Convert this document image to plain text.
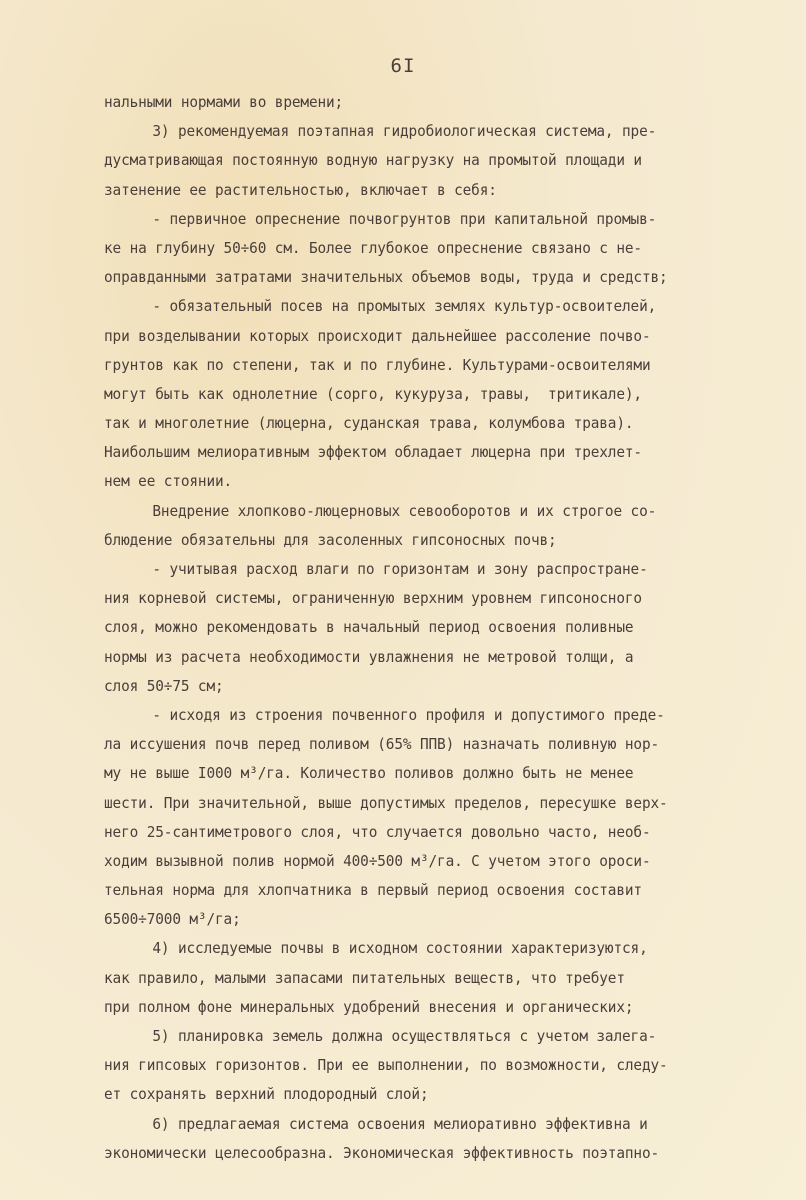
6I
нальными нормами во времени;
3) рекомендуемая поэтапная гидробиологическая система, пре-
дусматривающая постоянную водную нагрузку на промытой площади и
затенение ее растительностью, включает в себя:
- первичное опреснение почвогрунтов при капитальной промыв-
ке на глубину 50÷60 см. Более глубокое опреснение связано с не-
оправданными затратами значительных объемов воды, труда и средств;
- обязательный посев на промытых землях культур-освоителей,
при возделывании которых происходит дальнейшее рассоление почво-
грунтов как по степени, так и по глубине. Культурами-освоителями
могут быть как однолетние (сорго, кукуруза, травы,  тритикале),
так и многолетние (люцерна, суданская трава, колумбова трава).
Наибольшим мелиоративным эффектом обладает люцерна при трехлет-
нем ее стоянии.
Внедрение хлопково-люцерновых севооборотов и их строгое со-
блюдение обязательны для засоленных гипсоносных почв;
- учитывая расход влаги по горизонтам и зону распростране-
ния корневой системы, ограниченную верхним уровнем гипсоносного
слоя, можно рекомендовать в начальный период освоения поливные
нормы из расчета необходимости увлажнения не метровой толщи, а
слоя 50÷75 см;
- исходя из строения почвенного профиля и допустимого преде-
ла иссушения почв перед поливом (65% ППВ) назначать поливную нор-
му не выше I000 м³/га. Количество поливов должно быть не менее
шести. При значительной, выше допустимых пределов, пересушке верх-
него 25-сантиметрового слоя, что случается довольно часто, необ-
ходим вызывной полив нормой 400÷500 м³/га. С учетом этого ороси-
тельная норма для хлопчатника в первый период освоения составит
6500÷7000 м³/га;
4) исследуемые почвы в исходном состоянии характеризуются,
как правило, малыми запасами питательных веществ, что требует
при полном фоне минеральных удобрений внесения и органических;
5) планировка земель должна осуществляться с учетом залега-
ния гипсовых горизонтов. При ее выполнении, по возможности, следу-
ет сохранять верхний плодородный слой;
6) предлагаемая система освоения мелиоративно эффективна и
экономически целесообразна. Экономическая эффективность поэтапно-
